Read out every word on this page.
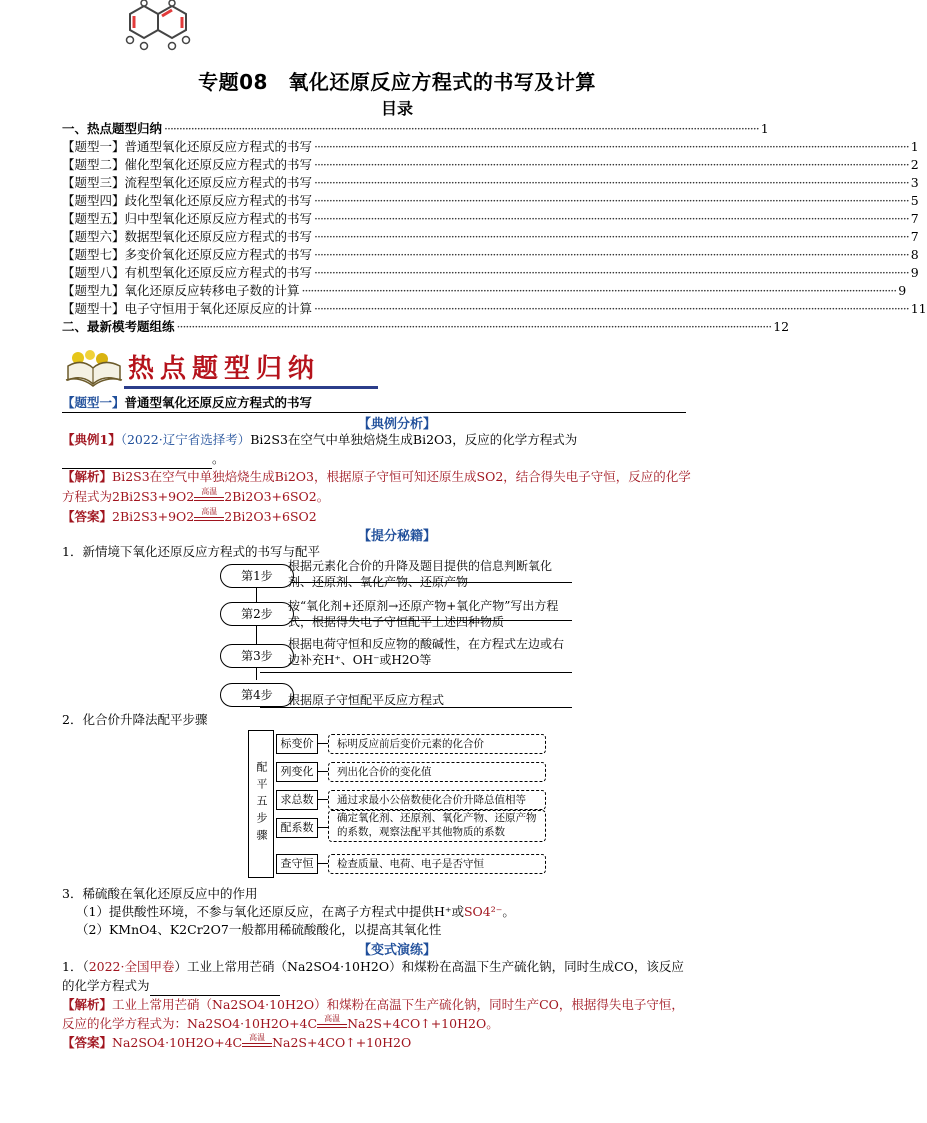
专题08　氧化还原反应方程式的书写及计算
目录
一、热点题型归纳 ········································································································································································································ 1
【题型一】普通型氧化还原反应方程式的书写 ········································································································································································································ 1
【题型二】催化型氧化还原反应方程式的书写 ········································································································································································································ 2
【题型三】流程型氧化还原反应方程式的书写 ········································································································································································································ 3
【题型四】歧化型氧化还原反应方程式的书写 ········································································································································································································ 5
【题型五】归中型氧化还原反应方程式的书写 ········································································································································································································ 7
【题型六】数据型氧化还原反应方程式的书写 ········································································································································································································ 7
【题型七】多变价氧化还原反应方程式的书写 ········································································································································································································ 8
【题型八】有机型氧化还原反应方程式的书写 ········································································································································································································ 9
【题型九】氧化还原反应转移电子数的计算 ········································································································································································································ 9
【题型十】电子守恒用于氧化还原反应的计算 ········································································································································································································ 11
二、最新模考题组练 ········································································································································································································ 12
热点题型归纳
【题型一】普通型氧化还原反应方程式的书写
【典例分析】
【典例1】（2022·辽宁省选择考）Bi2S3在空气中单独焙烧生成Bi2O3，反应的化学方程式为
。
【解析】Bi2S3在空气中单独焙烧生成Bi2O3，根据原子守恒可知还原生成SO2，结合得失电子守恒，反应的化学
方程式为2Bi2S3+9O2 高温 2Bi2O3+6SO2。
【答案】2Bi2S3+9O2 高温 2Bi2O3+6SO2
【提分秘籍】
1．新情境下氧化还原反应方程式的书写与配平
第1步
根据元素化合价的升降及题目提供的信息判断氧化剂、还原剂、氧化产物、还原产物
第2步
按“氧化剂+还原剂→还原产物+氧化产物”写出方程式，根据得失电子守恒配平上述四种物质
第3步
根据电荷守恒和反应物的酸碱性，在方程式左边或右边补充H⁺、OH⁻或H2O等
第4步	根据原子守恒配平反应方程式
2．化合价升降法配平步骤
配平五步骤
标变价	标明反应前后变价元素的化合价
列变化	列出化合价的变化值
求总数	通过求最小公倍数使化合价升降总值相等
配系数
确定氧化剂、还原剂、氧化产物、还原产物的系数，观察法配平其他物质的系数
查守恒	检查质量、电荷、电子是否守恒
3．稀硫酸在氧化还原反应中的作用
（1）提供酸性环境，不参与氧化还原反应，在离子方程式中提供H⁺或SO4²⁻。
（2）KMnO4、K2Cr2O7一般都用稀硫酸酸化，以提高其氧化性
【变式演练】
1．（2022·全国甲卷）工业上常用芒硝（Na2SO4·10H2O）和煤粉在高温下生产硫化钠，同时生成CO，该反应
的化学方程式为
【解析】工业上常用芒硝（Na2SO4·10H2O）和煤粉在高温下生产硫化钠，同时生产CO，根据得失电子守恒，
反应的化学方程式为：Na2SO4·10H2O+4C 高温 Na2S+4CO↑+10H2O。
【答案】Na2SO4·10H2O+4C 高温 Na2S+4CO↑+10H2O
